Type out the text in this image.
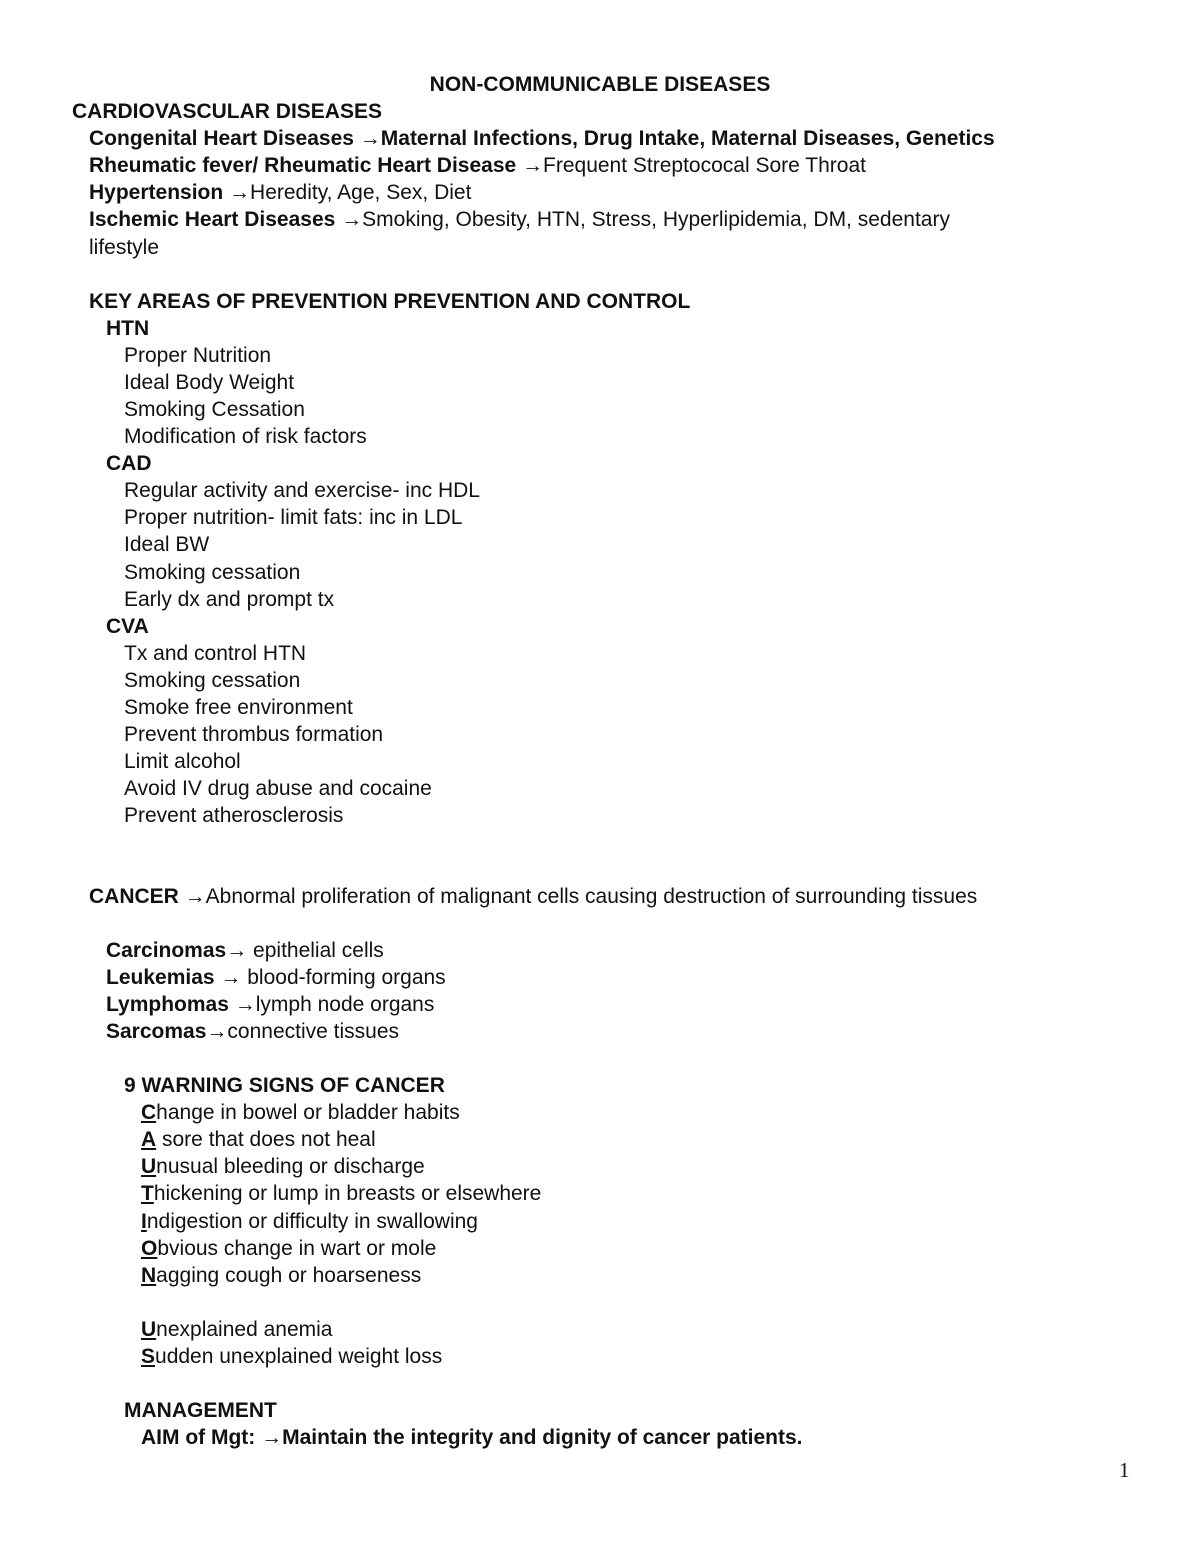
NON-COMMUNICABLE DISEASES
CARDIOVASCULAR DISEASES
Congenital Heart Diseases →Maternal Infections, Drug Intake, Maternal Diseases, Genetics
Rheumatic fever/ Rheumatic Heart Disease →Frequent Streptococal Sore Throat
Hypertension →Heredity, Age, Sex, Diet
Ischemic Heart Diseases →Smoking, Obesity, HTN, Stress, Hyperlipidemia, DM, sedentary
lifestyle
KEY AREAS OF PREVENTION PREVENTION AND CONTROL
HTN
Proper Nutrition
Ideal Body Weight
Smoking Cessation
Modification of risk factors
CAD
Regular activity and exercise- inc HDL
Proper nutrition- limit fats: inc in LDL
Ideal BW
Smoking cessation
Early dx and prompt tx
CVA
Tx and control HTN
Smoking cessation
Smoke free environment
Prevent thrombus formation
Limit alcohol
Avoid IV drug abuse and cocaine
Prevent atherosclerosis
CANCER →Abnormal proliferation of malignant cells causing destruction of surrounding tissues
Carcinomas→ epithelial cells
Leukemias → blood-forming organs
Lymphomas →lymph node organs
Sarcomas→connective tissues
9 WARNING SIGNS OF CANCER
Change in bowel or bladder habits
A sore that does not heal
Unusual bleeding or discharge
Thickening or lump in breasts or elsewhere
Indigestion or difficulty in swallowing
Obvious change in wart or mole
Nagging cough or hoarseness
Unexplained anemia
Sudden unexplained weight loss
MANAGEMENT
AIM of Mgt: →Maintain the integrity and dignity of cancer patients.
1
